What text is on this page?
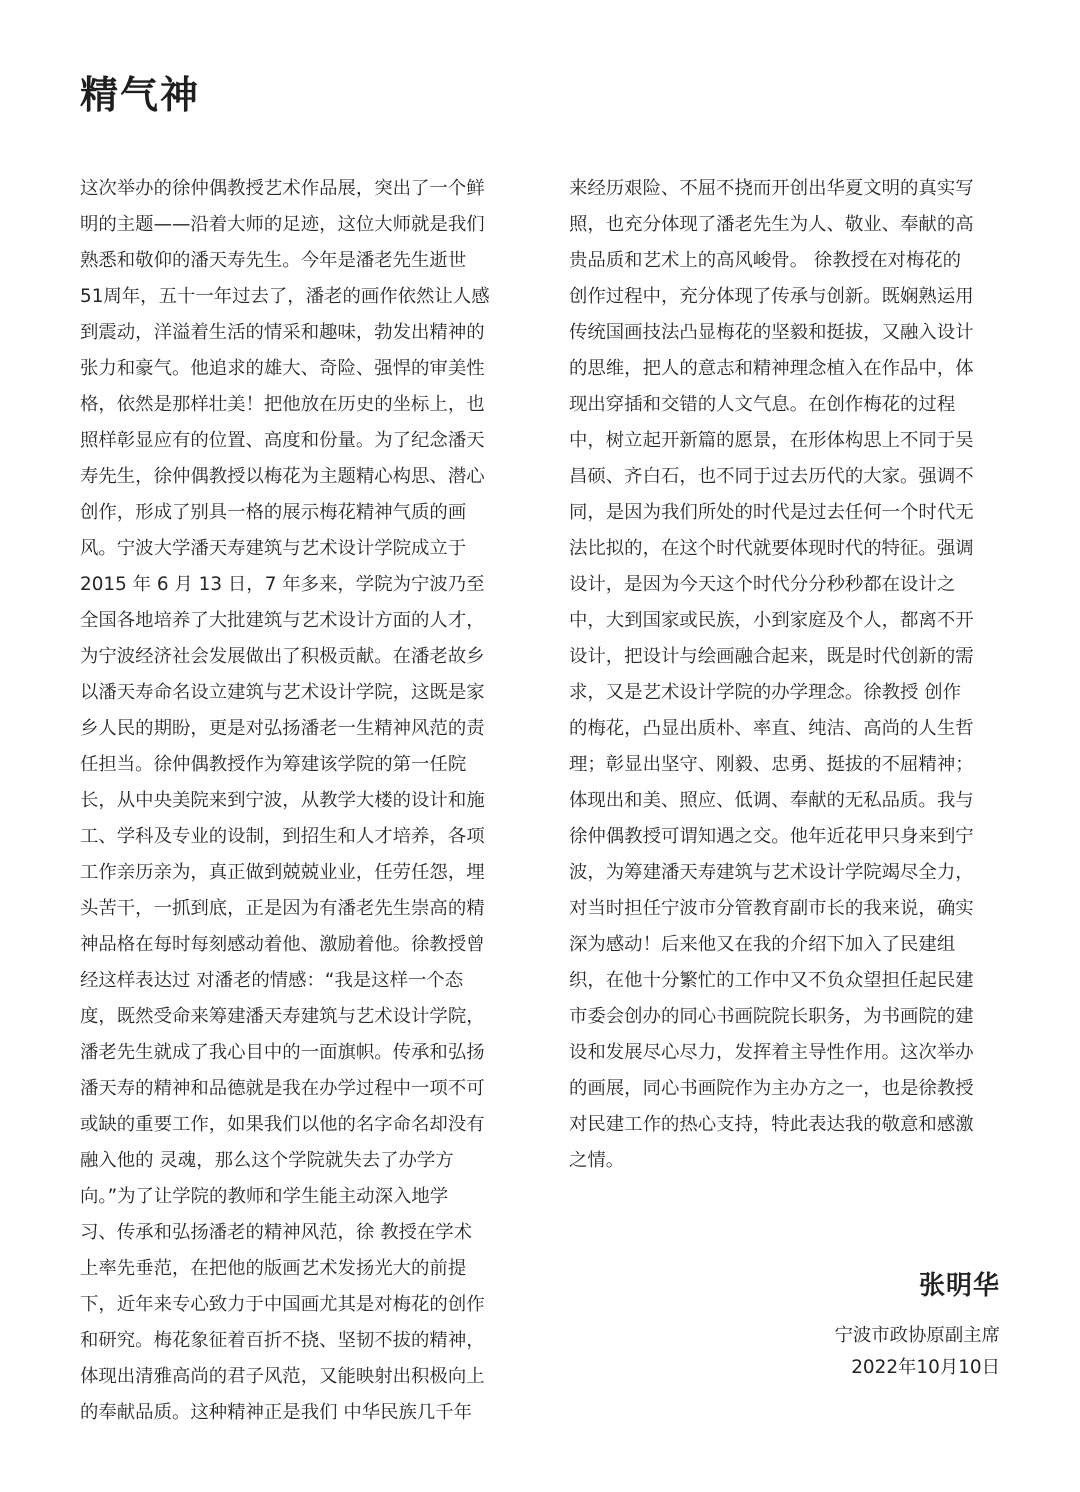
精气神
这次举办的徐仲偶教授艺术作品展，突出了一个鲜
明的主题——沿着大师的足迹，这位大师就是我们
熟悉和敬仰的潘天寿先生。今年是潘老先生逝世
51周年，五十一年过去了，潘老的画作依然让人感
到震动，洋溢着生活的情采和趣味，勃发出精神的
张力和豪气。他追求的雄大、奇险、强悍的审美性
格，依然是那样壮美！把他放在历史的坐标上，也
照样彰显应有的位置、高度和份量。为了纪念潘天
寿先生，徐仲偶教授以梅花为主题精心构思、潜心
创作，形成了别具一格的展示梅花精神气质的画
风。宁波大学潘天寿建筑与艺术设计学院成立于
2015 年 6 月 13 日，7 年多来，学院为宁波乃至
全国各地培养了大批建筑与艺术设计方面的人才，
为宁波经济社会发展做出了积极贡献。在潘老故乡
以潘天寿命名设立建筑与艺术设计学院，这既是家
乡人民的期盼，更是对弘扬潘老一生精神风范的责
任担当。徐仲偶教授作为筹建该学院的第一任院
长，从中央美院来到宁波，从教学大楼的设计和施
工、学科及专业的设制，到招生和人才培养，各项
工作亲历亲为，真正做到兢兢业业，任劳任怨，埋
头苦干，一抓到底，正是因为有潘老先生崇高的精
神品格在每时每刻感动着他、激励着他。徐教授曾
经这样表达过 对潘老的情感：“我是这样一个态
度，既然受命来筹建潘天寿建筑与艺术设计学院，
潘老先生就成了我心目中的一面旗帜。传承和弘扬
潘天寿的精神和品德就是我在办学过程中一项不可
或缺的重要工作，如果我们以他的名字命名却没有
融入他的 灵魂，那么这个学院就失去了办学方
向。”为了让学院的教师和学生能主动深入地学
习、传承和弘扬潘老的精神风范，徐 教授在学术
上率先垂范，在把他的版画艺术发扬光大的前提
下，近年来专心致力于中国画尤其是对梅花的创作
和研究。梅花象征着百折不挠、坚韧不拔的精神，
体现出清雅高尚的君子风范，又能映射出积极向上
的奉献品质。这种精神正是我们 中华民族几千年
来经历艰险、不屈不挠而开创出华夏文明的真实写
照，也充分体现了潘老先生为人、敬业、奉献的高
贵品质和艺术上的高风峻骨。 徐教授在对梅花的
创作过程中，充分体现了传承与创新。既娴熟运用
传统国画技法凸显梅花的坚毅和挺拔，又融入设计
的思维，把人的意志和精神理念植入在作品中，体
现出穿插和交错的人文气息。在创作梅花的过程
中，树立起开新篇的愿景，在形体构思上不同于吴
昌硕、齐白石，也不同于过去历代的大家。强调不
同，是因为我们所处的时代是过去任何一个时代无
法比拟的，在这个时代就要体现时代的特征。强调
设计，是因为今天这个时代分分秒秒都在设计之
中，大到国家或民族，小到家庭及个人，都离不开
设计，把设计与绘画融合起来，既是时代创新的需
求，又是艺术设计学院的办学理念。徐教授 创作
的梅花，凸显出质朴、率直、纯洁、高尚的人生哲
理；彰显出坚守、刚毅、忠勇、挺拔的不屈精神；
体现出和美、照应、低调、奉献的无私品质。我与
徐仲偶教授可谓知遇之交。他年近花甲只身来到宁
波，为筹建潘天寿建筑与艺术设计学院竭尽全力，
对当时担任宁波市分管教育副市长的我来说，确实
深为感动！后来他又在我的介绍下加入了民建组
织，在他十分繁忙的工作中又不负众望担任起民建
市委会创办的同心书画院院长职务，为书画院的建
设和发展尽心尽力，发挥着主导性作用。这次举办
的画展，同心书画院作为主办方之一，也是徐教授
对民建工作的热心支持，特此表达我的敬意和感激
之情。
张明华
宁波市政协原副主席
2022年10月10日
